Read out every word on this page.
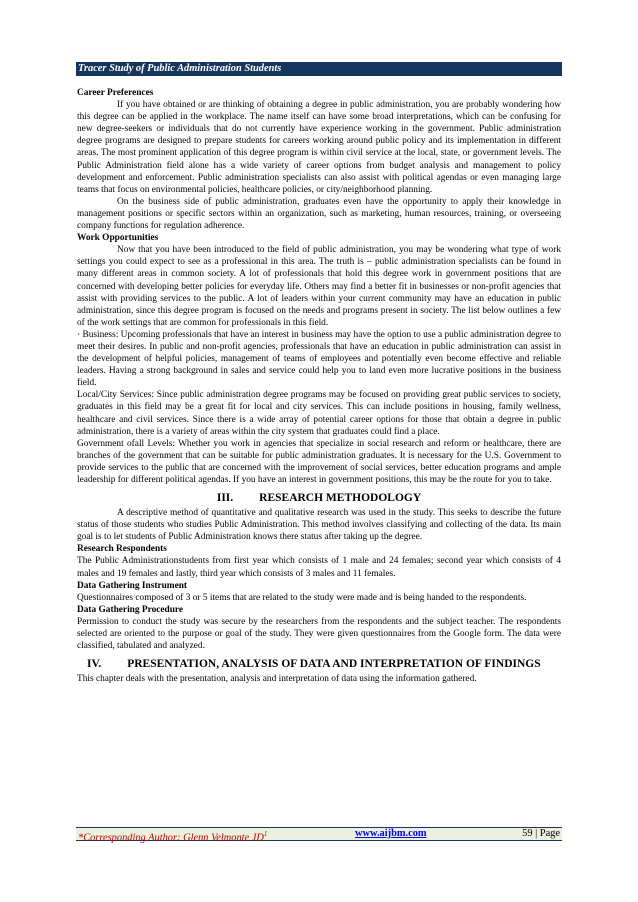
Tracer Study of Public Administration Students

Career Preferences

If you have obtained or are thinking of obtaining a degree in public administration, you are probably wondering how this degree can be applied in the workplace. The name itself can have some broad interpretations, which can be confusing for new degree-seekers or individuals that do not currently have experience working in the government. Public administration degree programs are designed to prepare students for careers working around public policy and its implementation in different areas. The most prominent application of this degree program is within civil service at the local, state, or government levels. The Public Administration field alone has a wide variety of career options from budget analysis and management to policy development and enforcement. Public administration specialists can also assist with political agendas or even managing large teams that focus on environmental policies, healthcare policies, or city/neighborhood planning.

On the business side of public administration, graduates even have the opportunity to apply their knowledge in management positions or specific sectors within an organization, such as marketing, human resources, training, or overseeing company functions for regulation adherence.

Work Opportunities

Now that you have been introduced to the field of public administration, you may be wondering what type of work settings you could expect to see as a professional in this area. The truth is – public administration specialists can be found in many different areas in common society. A lot of professionals that hold this degree work in government positions that are concerned with developing better policies for everyday life. Others may find a better fit in businesses or non-profit agencies that assist with providing services to the public. A lot of leaders within your current community may have an education in public administration, since this degree program is focused on the needs and programs present in society. The list below outlines a few of the work settings that are common for professionals in this field.

· Business: Upcoming professionals that have an interest in business may have the option to use a public administration degree to meet their desires. In public and non-profit agencies, professionals that have an education in public administration can assist in the development of helpful policies, management of teams of employees and potentially even become effective and reliable leaders. Having a strong background in sales and service could help you to land even more lucrative positions in the business field.

Local/City Services: Since public administration degree programs may be focused on providing great public services to society, graduates in this field may be a great fit for local and city services. This can include positions in housing, family wellness, healthcare and civil services. Since there is a wide array of potential career options for those that obtain a degree in public administration, there is a variety of areas within the city system that graduates could find a place.

Government ofall Levels: Whether you work in agencies that specialize in social research and reform or healthcare, there are branches of the government that can be suitable for public administration graduates. It is necessary for the U.S. Government to provide services to the public that are concerned with the improvement of social services, better education programs and ample leadership for different political agendas. If you have an interest in government positions, this may be the route for you to take.

III. RESEARCH METHODOLOGY

A descriptive method of quantitative and qualitative research was used in the study. This seeks to describe the future status of those students who studies Public Administration. This method involves classifying and collecting of the data. Its main goal is to let students of Public Administration knows there status after taking up the degree.

Research Respondents

The Public Administrationstudents from first year which consists of 1 male and 24 females; second year which consists of 4 males and 19 females and lastly, third year which consists of 3 males and 11 females.

Data Gathering Instrument

Questionnaires composed of 3 or 5 items that are related to the study were made and is being handed to the respondents.

Data Gathering Procedure

Permission to conduct the study was secure by the researchers from the respondents and the subject teacher. The respondents selected are oriented to the purpose or goal of the study. They were given questionnaires from the Google form. The data were classified, tabulated and analyzed.

IV. PRESENTATION, ANALYSIS OF DATA AND INTERPRETATION OF FINDINGS

This chapter deals with the presentation, analysis and interpretation of data using the information gathered.

*Corresponding Author: Glenn Velmonte $JD^1$	www.aijbm.com	59 | Page
